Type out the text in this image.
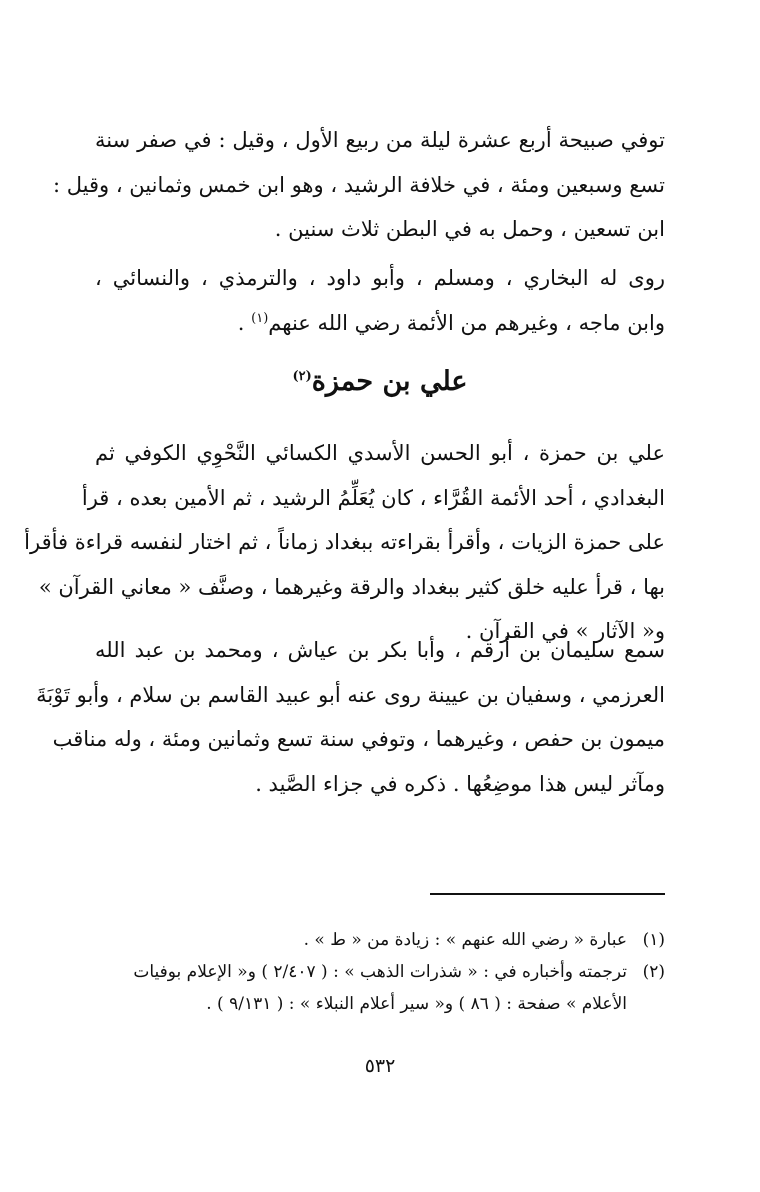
توفي صبيحة أربع عشرة ليلة من ربيع الأول ، وقيل : في صفر سنة
تسع وسبعين ومئة ، في خلافة الرشيد ، وهو ابن خمس وثمانين ، وقيل :
ابن تسعين ، وحمل به في البطن ثلاث سنين .
روى له البخاري ، ومسلم ، وأبو داود ، والترمذي ، والنسائي ،
وابن ماجه ، وغيرهم من الأئمة رضي الله عنهم$^{(١)}$ .
علي بن حمزة$^{(٢)}$
علي بن حمزة ، أبو الحسن الأسدي الكسائي النَّحْوِي الكوفي ثم
البغدادي ، أحد الأئمة القُرَّاء ، كان يُعَلِّمُ الرشيد ، ثم الأمين بعده ، قرأ
على حمزة الزيات ، وأقرأ بقراءته ببغداد زماناً ، ثم اختار لنفسه قراءة فأقرأ
بها ، قرأ عليه خلق كثير ببغداد والرقة وغيرهما ، وصنَّف « معاني القرآن »
و« الآثار » في القرآن .
سمع سليمان بن أرقم ، وأبا بكر بن عياش ، ومحمد بن عبد الله
العرزمي ، وسفيان بن عيينة روى عنه أبو عبيد القاسم بن سلام ، وأبو تَوْبَةَ
ميمون بن حفص ، وغيرهما ، وتوفي سنة تسع وثمانين ومئة ، وله مناقب
ومآثر ليس هذا موضِعُها . ذكره في جزاء الصَّيد .
(١)
عبارة « رضي الله عنهم » : زيادة من « ط » .
(٢)
ترجمته وأخباره في : « شذرات الذهب » : ( ٢/٤٠٧ ) و« الإعلام بوفيات
الأعلام » صفحة : ( ٨٦ ) و« سير أعلام النبلاء » : ( ٩/١٣١ ) .
٥٣٢
